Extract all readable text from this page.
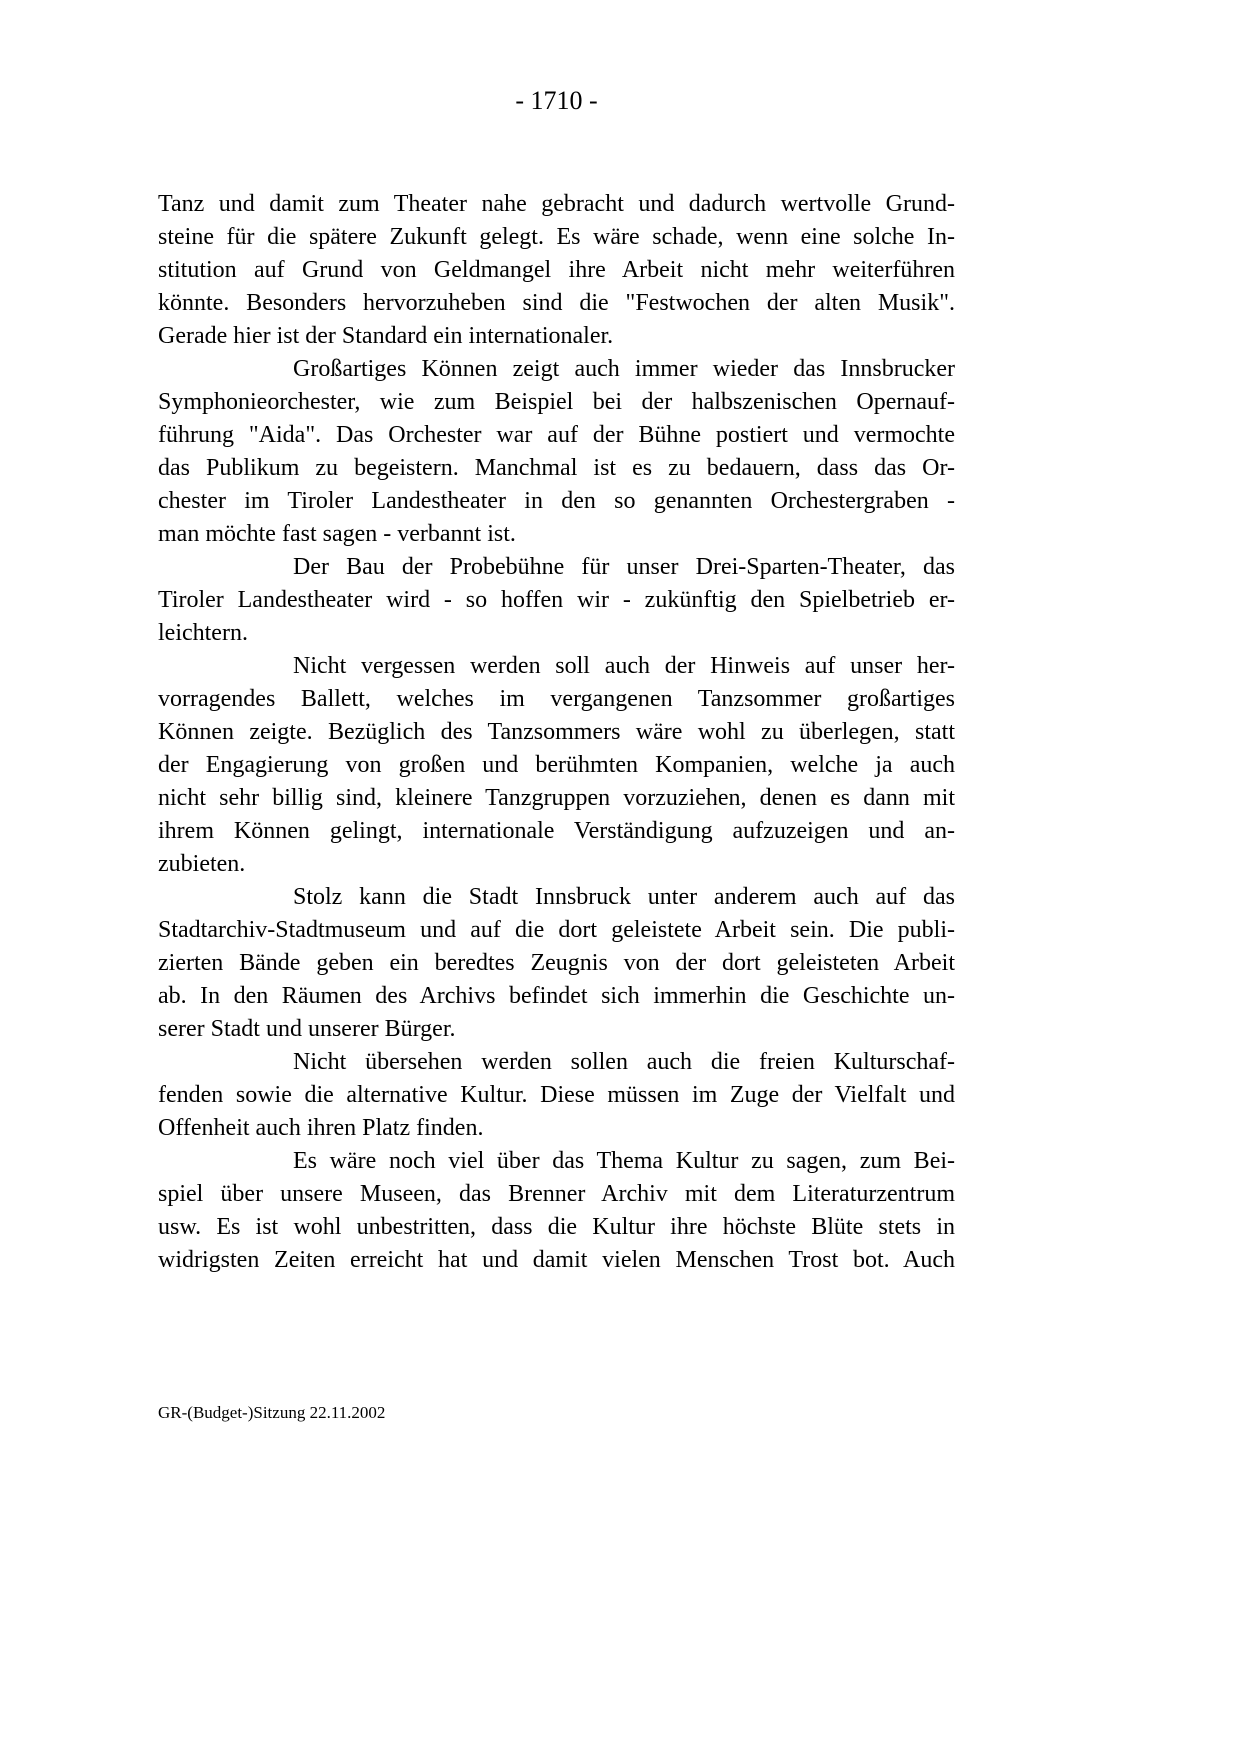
- 1710 -
Tanz und damit zum Theater nahe gebracht und dadurch wertvolle Grund-
steine für die spätere Zukunft gelegt. Es wäre schade, wenn eine solche In-
stitution auf Grund von Geldmangel ihre Arbeit nicht mehr weiterführen
könnte. Besonders hervorzuheben sind die "Festwochen der alten Musik".
Gerade hier ist der Standard ein internationaler.
Großartiges Können zeigt auch immer wieder das Innsbrucker
Symphonieorchester, wie zum Beispiel bei der halbszenischen Opernauf-
führung "Aida". Das Orchester war auf der Bühne postiert und vermochte
das Publikum zu begeistern. Manchmal ist es zu bedauern, dass das Or-
chester im Tiroler Landestheater in den so genannten Orchestergraben -
man möchte fast sagen - verbannt ist.
Der Bau der Probebühne für unser Drei-Sparten-Theater, das
Tiroler Landestheater wird - so hoffen wir - zukünftig den Spielbetrieb er-
leichtern.
Nicht vergessen werden soll auch der Hinweis auf unser her-
vorragendes Ballett, welches im vergangenen Tanzsommer großartiges
Können zeigte. Bezüglich des Tanzsommers wäre wohl zu überlegen, statt
der Engagierung von großen und berühmten Kompanien, welche ja auch
nicht sehr billig sind, kleinere Tanzgruppen vorzuziehen, denen es dann mit
ihrem Können gelingt, internationale Verständigung aufzuzeigen und an-
zubieten.
Stolz kann die Stadt Innsbruck unter anderem auch auf das
Stadtarchiv-Stadtmuseum und auf die dort geleistete Arbeit sein. Die publi-
zierten Bände geben ein beredtes Zeugnis von der dort geleisteten Arbeit
ab. In den Räumen des Archivs befindet sich immerhin die Geschichte un-
serer Stadt und unserer Bürger.
Nicht übersehen werden sollen auch die freien Kulturschaf-
fenden sowie die alternative Kultur. Diese müssen im Zuge der Vielfalt und
Offenheit auch ihren Platz finden.
Es wäre noch viel über das Thema Kultur zu sagen, zum Bei-
spiel über unsere Museen, das Brenner Archiv mit dem Literaturzentrum
usw. Es ist wohl unbestritten, dass die Kultur ihre höchste Blüte stets in
widrigsten Zeiten erreicht hat und damit vielen Menschen Trost bot. Auch
GR-(Budget-)Sitzung 22.11.2002
